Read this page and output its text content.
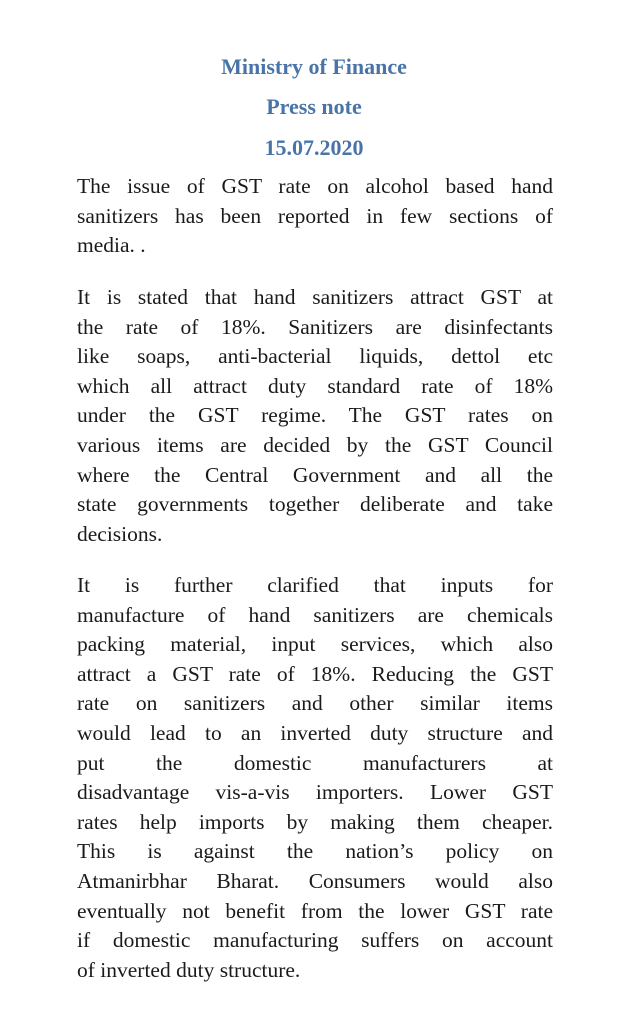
Ministry of Finance
Press note
15.07.2020
The issue of GST rate on alcohol based hand
sanitizers has been reported in few sections of
media. .
It is stated that hand sanitizers attract GST at
the rate of 18%. Sanitizers are disinfectants
like soaps, anti-bacterial liquids, dettol etc
which all attract duty standard rate of 18%
under the GST regime. The GST rates on
various items are decided by the GST Council
where the Central Government and all the
state governments together deliberate and take
decisions.
It is further clarified that inputs for
manufacture of hand sanitizers are chemicals
packing material, input services, which also
attract a GST rate of 18%. Reducing the GST
rate on sanitizers and other similar items
would lead to an inverted duty structure and
put the domestic manufacturers at
disadvantage vis-a-vis importers. Lower GST
rates help imports by making them cheaper.
This is against the nation’s policy on
Atmanirbhar Bharat. Consumers would also
eventually not benefit from the lower GST rate
if domestic manufacturing suffers on account
of inverted duty structure.
